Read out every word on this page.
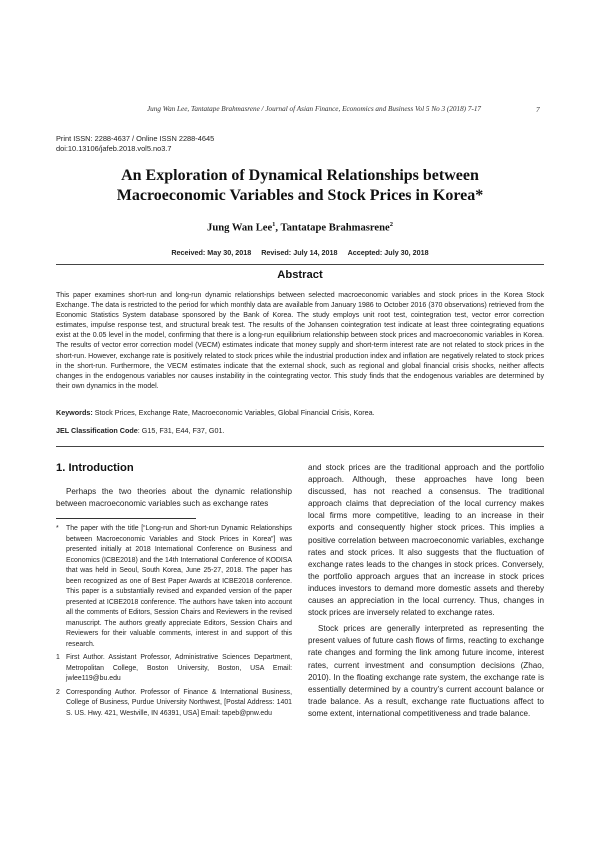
Jung Wan Lee, Tantatape Brahmasrene / Journal of Asian Finance, Economics and Business Vol 5 No 3 (2018) 7-17	7
Print ISSN: 2288-4637 / Online ISSN 2288-4645
doi:10.13106/jafeb.2018.vol5.no3.7
An Exploration of Dynamical Relationships between
Macroeconomic Variables and Stock Prices in Korea*
Jung Wan Lee$^1$, Tantatape Brahmasrene$^2$
Received: May 30, 2018 Revised: July 14, 2018 Accepted: July 30, 2018
Abstract

This paper examines short-run and long-run dynamic relationships between selected macroeconomic variables and stock prices in the Korea Stock Exchange. The data is restricted to the period for which monthly data are available from January 1986 to October 2016 (370 observations) retrieved from the Economic Statistics System database sponsored by the Bank of Korea. The study employs unit root test, cointegration test, vector error correction estimates, impulse response test, and structural break test. The results of the Johansen cointegration test indicate at least three cointegrating equations exist at the 0.05 level in the model, confirming that there is a long-run equilibrium relationship between stock prices and macroeconomic variables in Korea. The results of vector error correction model (VECM) estimates indicate that money supply and short-term interest rate are not related to stock prices in the short-run. However, exchange rate is positively related to stock prices while the industrial production index and inflation are negatively related to stock prices in the short-run. Furthermore, the VECM estimates indicate that the external shock, such as regional and global financial crisis shocks, neither affects changes in the endogenous variables nor causes instability in the cointegrating vector. This study finds that the endogenous variables are determined by their own dynamics in the model.

Keywords: Stock Prices, Exchange Rate, Macroeconomic Variables, Global Financial Crisis, Korea.

JEL Classification Code: G15, F31, E44, F37, G01.

1. Introduction

Perhaps the two theories about the dynamic relationship between macroeconomic variables such as exchange rates

* The paper with the title [“Long-run and Short-run Dynamic Relationships between Macroeconomic Variables and Stock Prices in Korea”] was presented initially at 2018 International Conference on Business and Economics (ICBE2018) and the 14th International Conference of KODISA that was held in Seoul, South Korea, June 25-27, 2018. The paper has been recognized as one of Best Paper Awards at ICBE2018 conference. This paper is a substantially revised and expanded version of the paper presented at ICBE2018 conference. The authors have taken into account all the comments of Editors, Session Chairs and Reviewers in the revised manuscript. The authors greatly appreciate Editors, Session Chairs and Reviewers for their valuable comments, interest in and support of this research.

1 First Author. Assistant Professor, Administrative Sciences Department, Metropolitan College, Boston University, Boston, USA Email: jwlee119@bu.edu

2 Corresponding Author. Professor of Finance & International Business, College of Business, Purdue University Northwest, [Postal Address: 1401 S. US. Hwy. 421, Westville, IN 46391, USA] Email: tapeb@pnw.edu

and stock prices are the traditional approach and the portfolio approach. Although, these approaches have long been discussed, has not reached a consensus. The traditional approach claims that depreciation of the local currency makes local firms more competitive, leading to an increase in their exports and consequently higher stock prices. This implies a positive correlation between macroeconomic variables, exchange rates and stock prices. It also suggests that the fluctuation of exchange rates leads to the changes in stock prices. Conversely, the portfolio approach argues that an increase in stock prices induces investors to demand more domestic assets and thereby causes an appreciation in the local currency. Thus, changes in stock prices are inversely related to exchange rates.

Stock prices are generally interpreted as representing the present values of future cash flows of firms, reacting to exchange rate changes and forming the link among future income, interest rates, current investment and consumption decisions (Zhao, 2010). In the floating exchange rate system, the exchange rate is essentially determined by a country’s current account balance or trade balance. As a result, exchange rate fluctuations affect to some extent, international competitiveness and trade balance.
